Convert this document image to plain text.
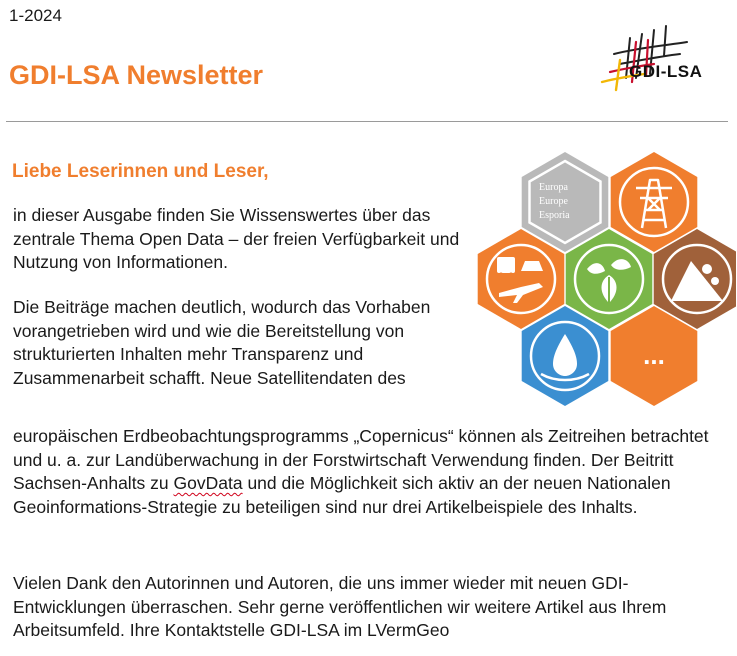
1-2024
GDI-LSA Newsletter	GDI-LSA
Liebe Leserinnen und Leser,

in dieser Ausgabe finden Sie Wissenswertes über das zentrale Thema Open Data – der freien Verfügbarkeit und Nutzung von Informationen.

Die Beiträge machen deutlich, wodurch das Vorhaben vorangetrieben wird und wie die Bereitstellung von strukturierten Inhalten mehr Transparenz und Zusammenarbeit schafft. Neue Satellitendaten des

europäischen Erdbeobachtungsprogramms „Copernicus“ können als Zeitreihen betrachtet und u. a. zur Landüberwachung in der Forstwirtschaft Verwendung finden. Der Beitritt Sachsen-Anhalts zu GovData und die Möglichkeit sich aktiv an der neuen Nationalen Geoinformations-Strategie zu beteiligen sind nur drei Artikelbeispiele des Inhalts.

Vielen Dank den Autorinnen und Autoren, die uns immer wieder mit neuen GDI-Entwicklungen überraschen. Sehr gerne veröffentlichen wir weitere Artikel aus Ihrem Arbeitsumfeld. Ihre Kontaktstelle GDI-LSA im LVermGeo

Europa
Europe
Esporia
...
